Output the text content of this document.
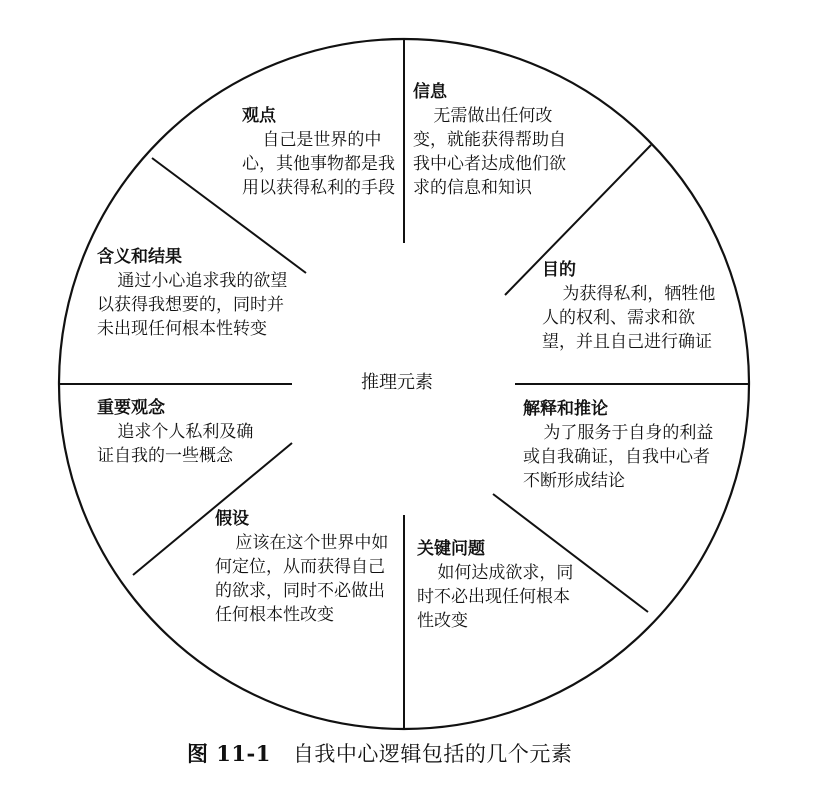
推理元素
观点
自己是世界的中心，其他事物都是我用以获得私利的手段
信息
无需做出任何改变，就能获得帮助自我中心者达成他们欲求的信息和知识
目的
为获得私利，牺牲他人的权利、需求和欲望，并且自己进行确证
解释和推论
为了服务于自身的利益或自我确证，自我中心者不断形成结论
关键问题
如何达成欲求，同时不必出现任何根本性改变
假设
应该在这个世界中如何定位，从而获得自己的欲求，同时不必做出任何根本性改变
重要观念
追求个人私利及确证自我的一些概念
含义和结果
通过小心追求我的欲望以获得我想要的，同时并未出现任何根本性转变
图 11-1 自我中心逻辑包括的几个元素
